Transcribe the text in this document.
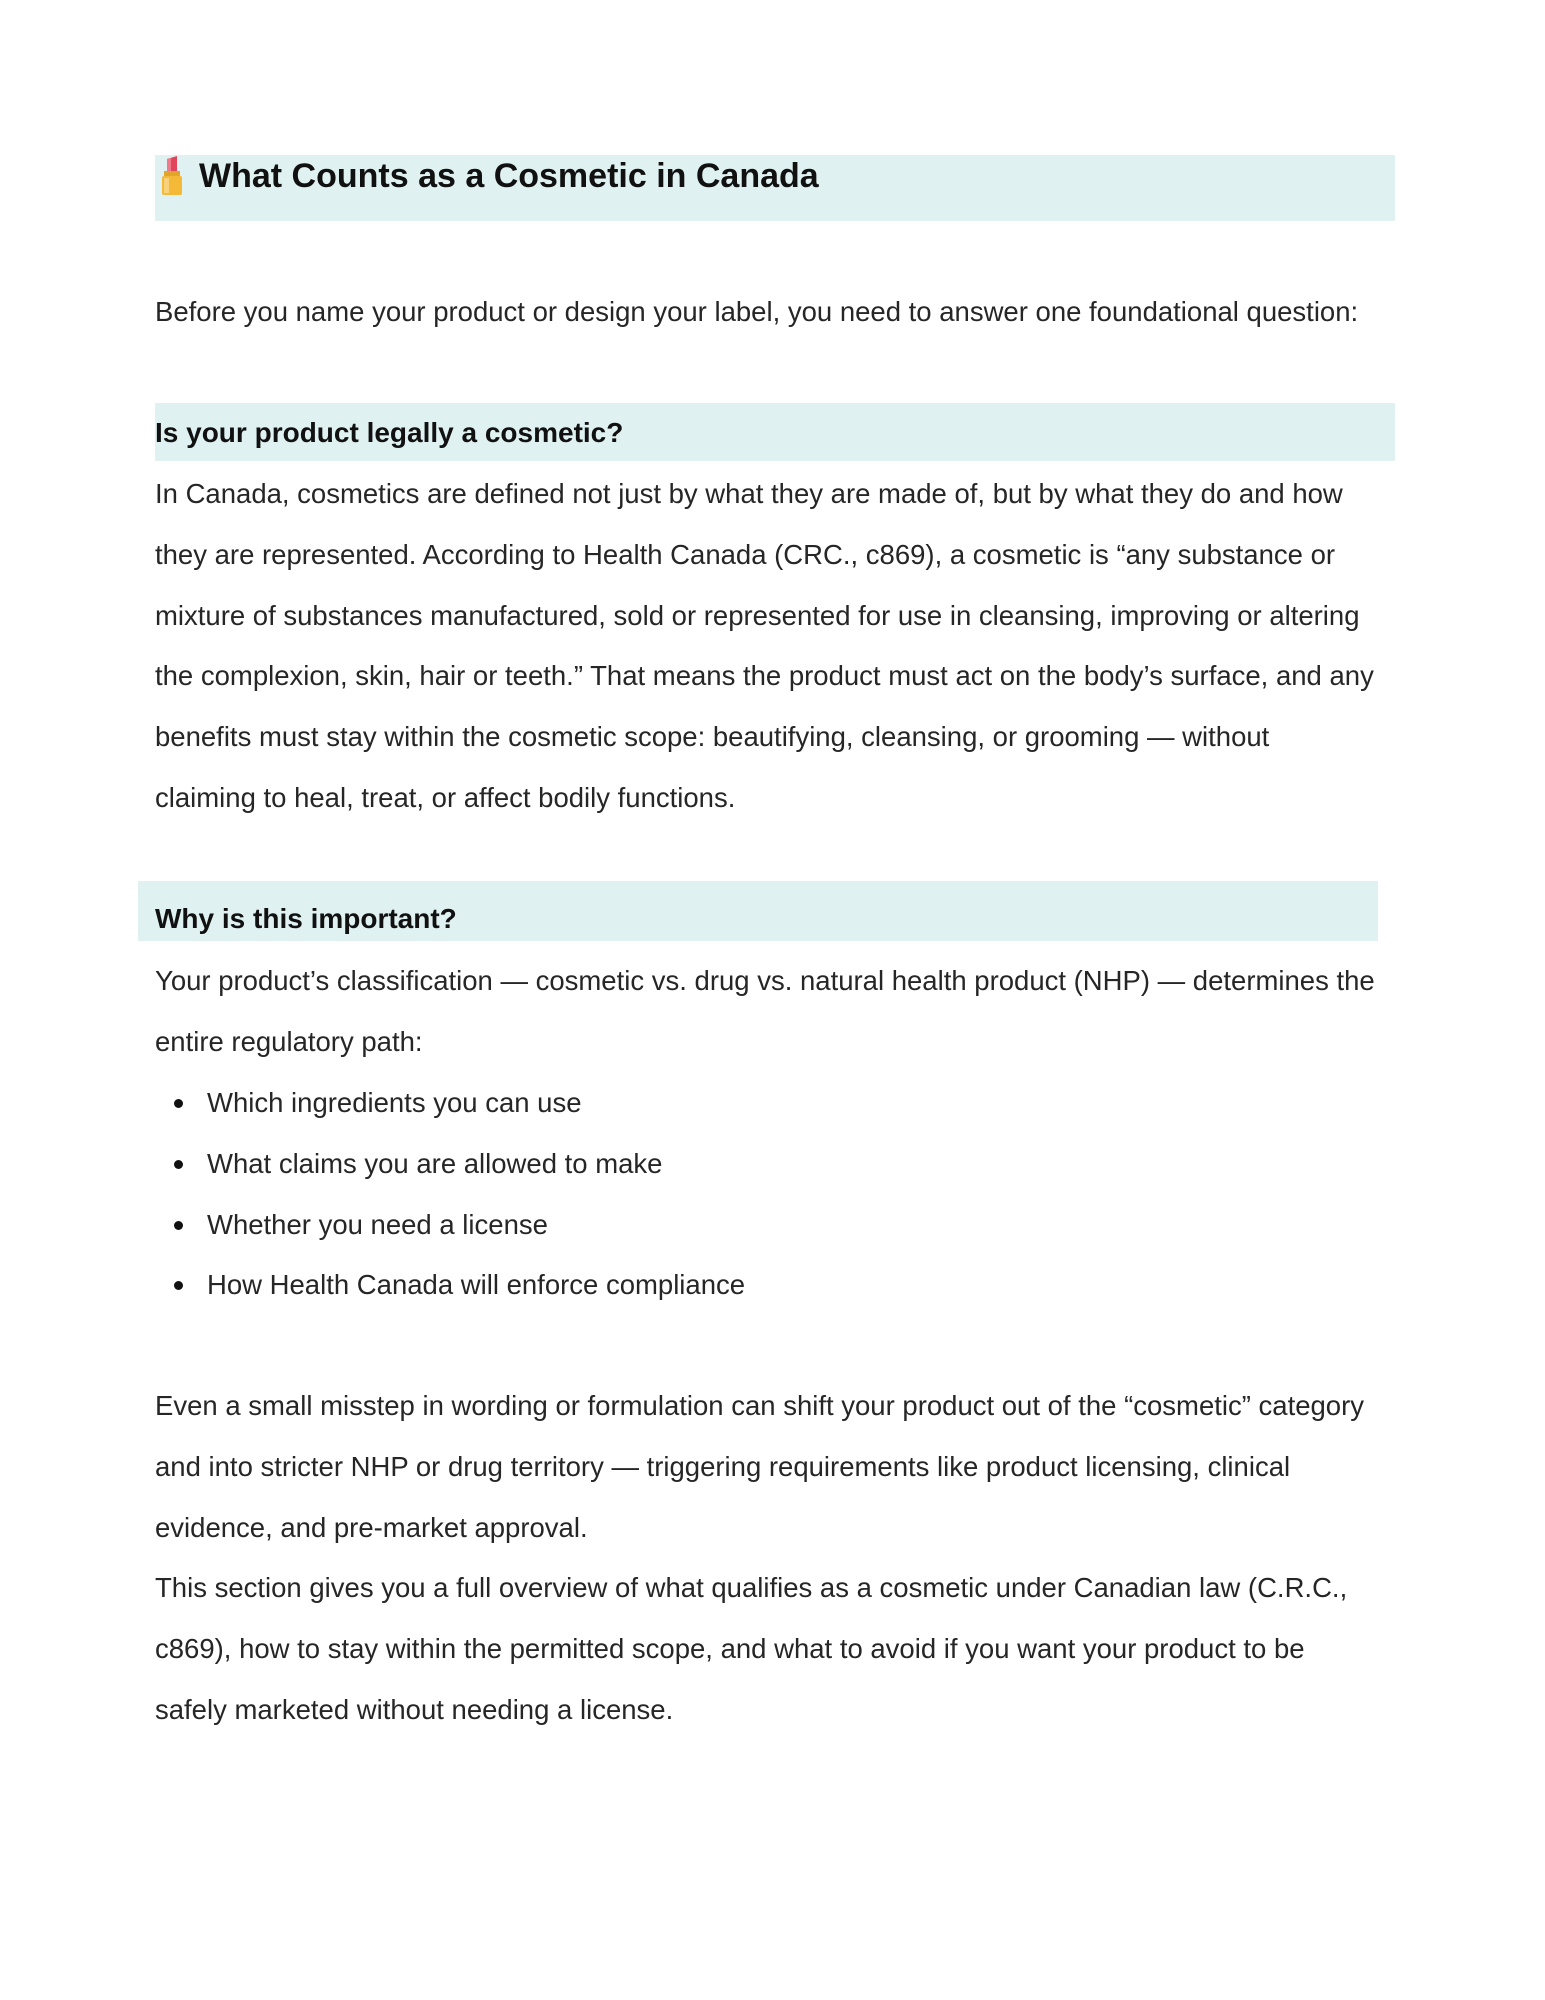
What Counts as a Cosmetic in Canada

Before you name your product or design your label, you need to answer one foundational question:

Is your product legally a cosmetic?

In Canada, cosmetics are defined not just by what they are made of, but by what they do and how they are represented. According to Health Canada (CRC., c869), a cosmetic is “any substance or mixture of substances manufactured, sold or represented for use in cleansing, improving or altering the complexion, skin, hair or teeth.” That means the product must act on the body’s surface, and any benefits must stay within the cosmetic scope: beautifying, cleansing, or grooming — without claiming to heal, treat, or affect bodily functions.

Why is this important?

Your product’s classification — cosmetic vs. drug vs. natural health product (NHP) — determines the entire regulatory path:

Which ingredients you can use
What claims you are allowed to make
Whether you need a license
How Health Canada will enforce compliance

Even a small misstep in wording or formulation can shift your product out of the “cosmetic” category and into stricter NHP or drug territory — triggering requirements like product licensing, clinical evidence, and pre-market approval.

This section gives you a full overview of what qualifies as a cosmetic under Canadian law (C.R.C., c869), how to stay within the permitted scope, and what to avoid if you want your product to be safely marketed without needing a license.
